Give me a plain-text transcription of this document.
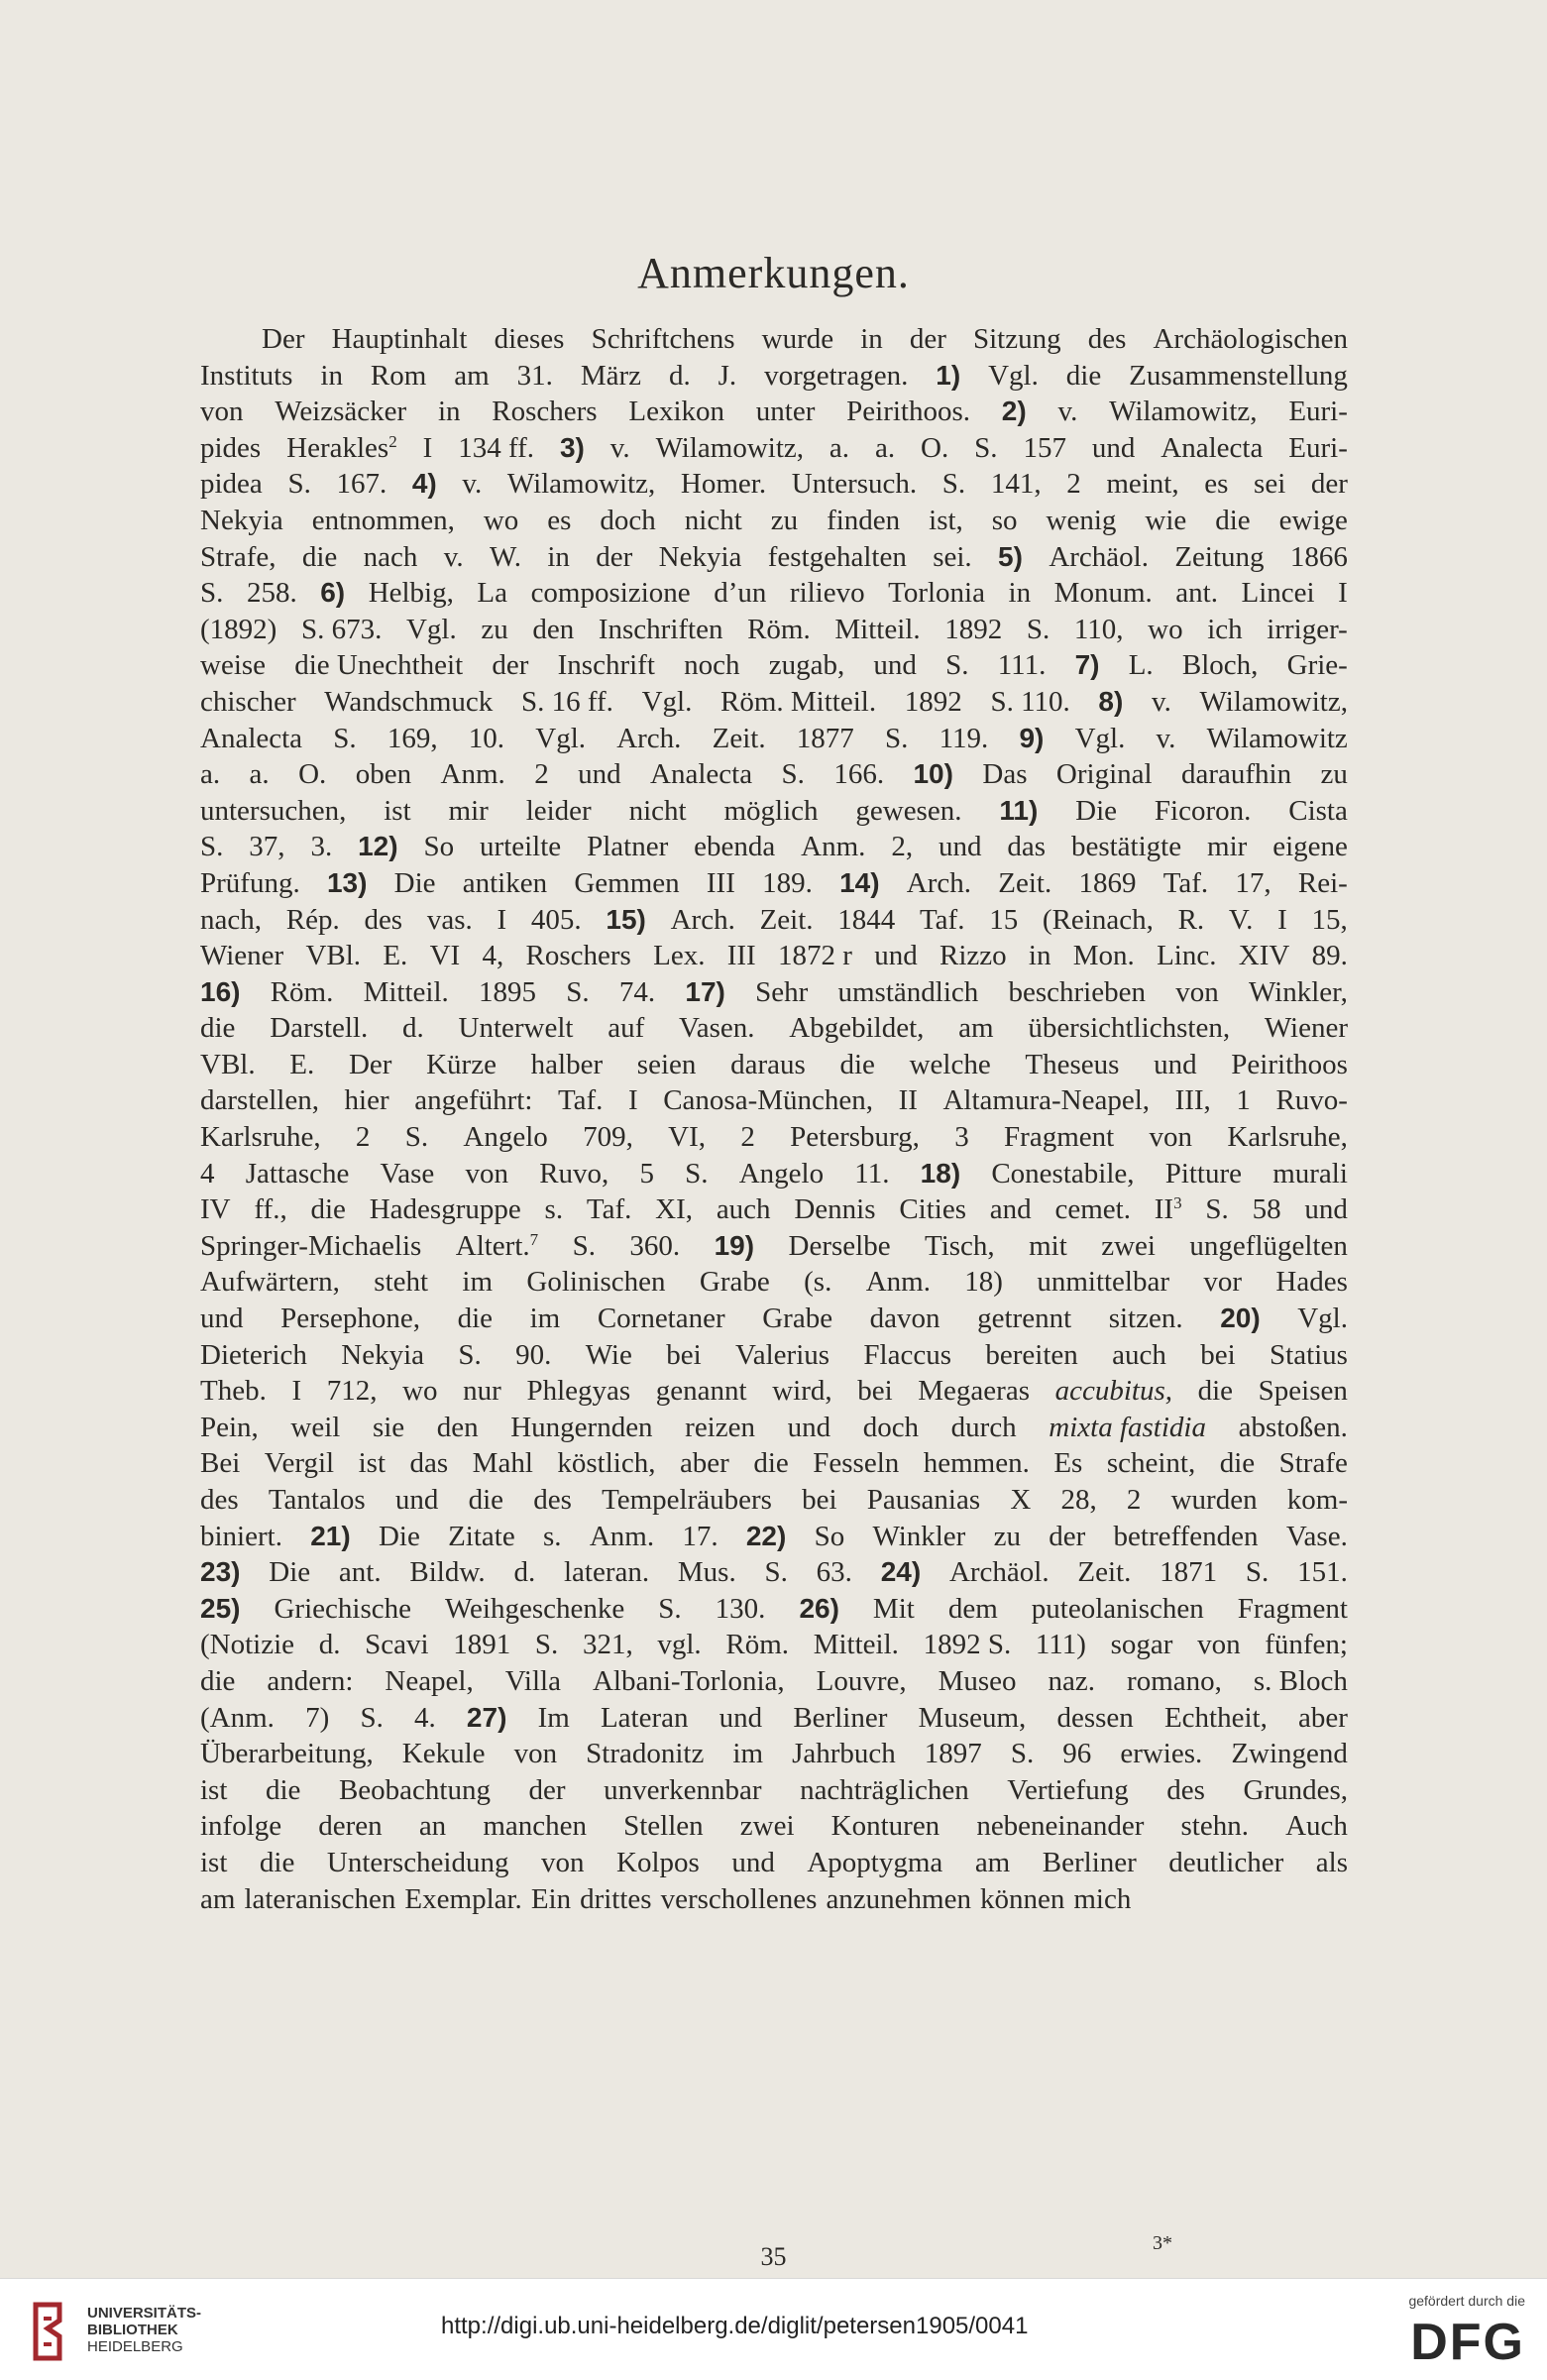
Anmerkungen.
Der Hauptinhalt dieses Schriftchens wurde in der Sitzung des Archäologischen
Instituts in Rom am 31. März d. J. vorgetragen. 1) Vgl. die Zusammenstellung
von Weizsäcker in Roschers Lexikon unter Peirithoos. 2) v. Wilamowitz, Euri-
pides Herakles$^2$ I 134 ff. 3) v. Wilamowitz, a. a. O. S. 157 und Analecta Euri-
pidea S. 167. 4) v. Wilamowitz, Homer. Untersuch. S. 141, 2 meint, es sei der
Nekyia entnommen, wo es doch nicht zu finden ist, so wenig wie die ewige
Strafe, die nach v. W. in der Nekyia festgehalten sei. 5) Archäol. Zeitung 1866
S. 258. 6) Helbig, La composizione d’un rilievo Torlonia in Monum. ant. Lincei I
(1892) S. 673. Vgl. zu den Inschriften Röm. Mitteil. 1892 S. 110, wo ich irriger-
weise die Unechtheit der Inschrift noch zugab, und S. 111. 7) L. Bloch, Grie-
chischer Wandschmuck S. 16 ff. Vgl. Röm. Mitteil. 1892 S. 110. 8) v. Wilamowitz,
Analecta S. 169, 10. Vgl. Arch. Zeit. 1877 S. 119. 9) Vgl. v. Wilamowitz
a. a. O. oben Anm. 2 und Analecta S. 166. 10) Das Original daraufhin zu
untersuchen, ist mir leider nicht möglich gewesen. 11) Die Ficoron. Cista
S. 37, 3. 12) So urteilte Platner ebenda Anm. 2, und das bestätigte mir eigene
Prüfung. 13) Die antiken Gemmen III 189. 14) Arch. Zeit. 1869 Taf. 17, Rei-
nach, Rép. des vas. I 405. 15) Arch. Zeit. 1844 Taf. 15 (Reinach, R. V. I 15,
Wiener VBl. E. VI 4, Roschers Lex. III 1872 r und Rizzo in Mon. Linc. XIV 89.
16) Röm. Mitteil. 1895 S. 74. 17) Sehr umständlich beschrieben von Winkler,
die Darstell. d. Unterwelt auf Vasen. Abgebildet, am übersichtlichsten, Wiener
VBl. E. Der Kürze halber seien daraus die welche Theseus und Peirithoos
darstellen, hier angeführt: Taf. I Canosa-München, II Altamura-Neapel, III, 1 Ruvo-
Karlsruhe, 2 S. Angelo 709, VI, 2 Petersburg, 3 Fragment von Karlsruhe,
4 Jattasche Vase von Ruvo, 5 S. Angelo 11. 18) Conestabile, Pitture murali
IV ff., die Hadesgruppe s. Taf. XI, auch Dennis Cities and cemet. $II^3$ S. 58 und
Springer-Michaelis Altert.$^7$ S. 360. 19) Derselbe Tisch, mit zwei ungeflügelten
Aufwärtern, steht im Golinischen Grabe (s. Anm. 18) unmittelbar vor Hades
und Persephone, die im Cornetaner Grabe davon getrennt sitzen. 20) Vgl.
Dieterich Nekyia S. 90. Wie bei Valerius Flaccus bereiten auch bei Statius
Theb. I 712, wo nur Phlegyas genannt wird, bei Megaeras accubitus, die Speisen
Pein, weil sie den Hungernden reizen und doch durch mixta fastidia abstoßen.
Bei Vergil ist das Mahl köstlich, aber die Fesseln hemmen. Es scheint, die Strafe
des Tantalos und die des Tempelräubers bei Pausanias X 28, 2 wurden kom-
biniert. 21) Die Zitate s. Anm. 17. 22) So Winkler zu der betreffenden Vase.
23) Die ant. Bildw. d. lateran. Mus. S. 63. 24) Archäol. Zeit. 1871 S. 151.
25) Griechische Weihgeschenke S. 130. 26) Mit dem puteolanischen Fragment
(Notizie d. Scavi 1891 S. 321, vgl. Röm. Mitteil. 1892 S. 111) sogar von fünfen;
die andern: Neapel, Villa Albani-Torlonia, Louvre, Museo naz. romano, s. Bloch
(Anm. 7) S. 4. 27) Im Lateran und Berliner Museum, dessen Echtheit, aber
Überarbeitung, Kekule von Stradonitz im Jahrbuch 1897 S. 96 erwies. Zwingend
ist die Beobachtung der unverkennbar nachträglichen Vertiefung des Grundes,
infolge deren an manchen Stellen zwei Konturen nebeneinander stehn. Auch
ist die Unterscheidung von Kolpos und Apoptygma am Berliner deutlicher als
am lateranischen Exemplar. Ein drittes verschollenes anzunehmen können mich
35	3*
UNIVERSITÄTS-
BIBLIOTHEK
HEIDELBERG
http://digi.ub.uni-heidelberg.de/diglit/petersen1905/0041
gefördert durch die
DFG
